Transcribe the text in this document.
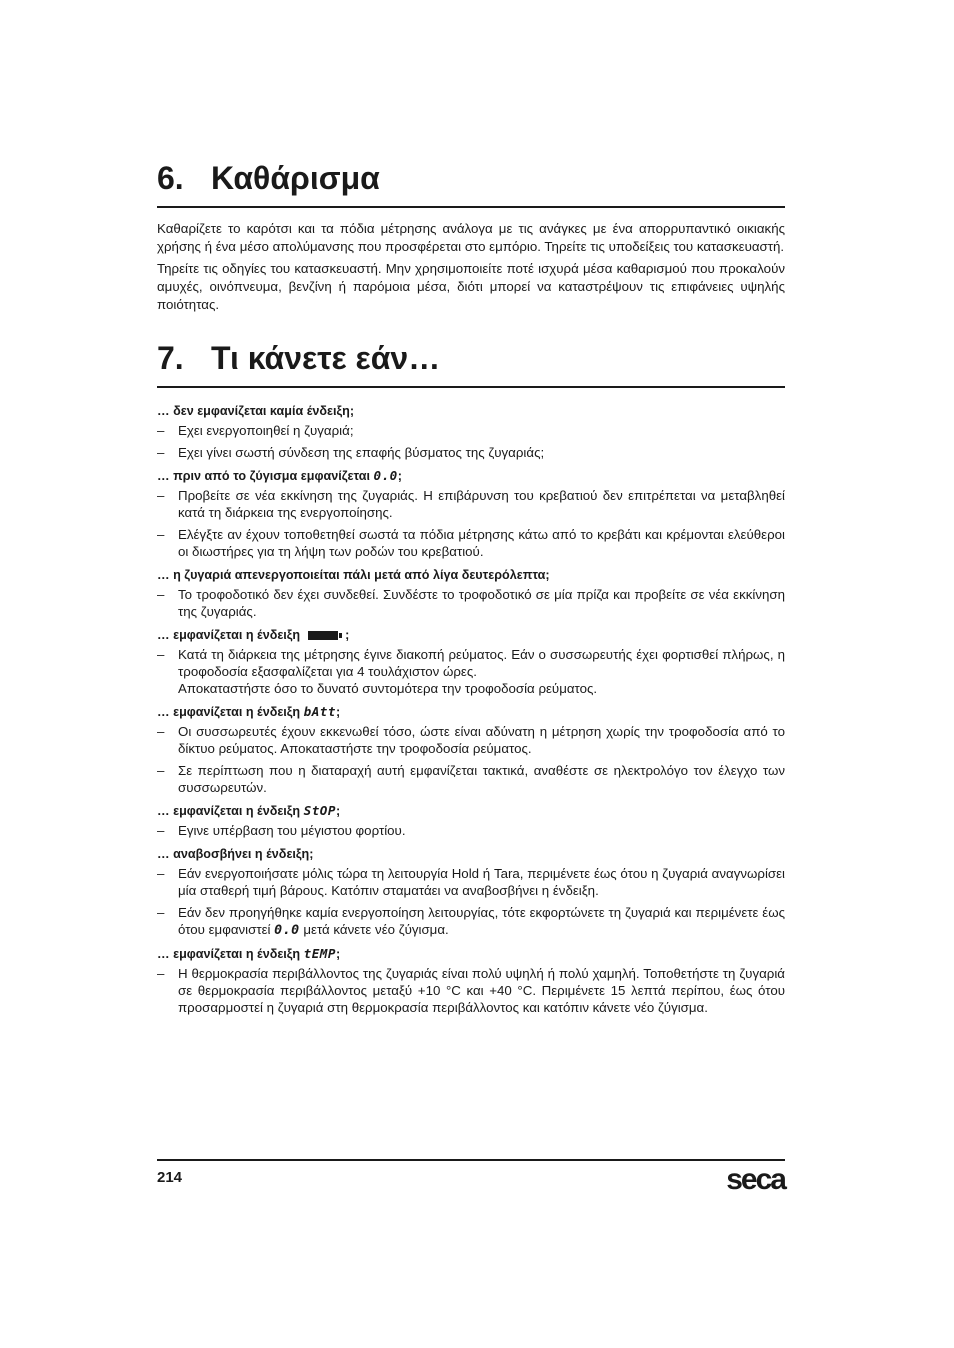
6. Καθάρισμα

Καθαρίζετε το καρότσι και τα πόδια μέτρησης ανάλογα με τις ανάγκες με ένα απορρυπαντικό οικιακής χρήσης ή ένα μέσο απολύμανσης που προσφέρεται στο εμπόριο. Τηρείτε τις υποδείξεις του κατασκευαστή.

Τηρείτε τις οδηγίες του κατασκευαστή. Μην χρησιμοποιείτε ποτέ ισχυρά μέσα καθαρισμού που προκαλούν αμυχές, οινόπνευμα, βενζίνη ή παρόμοια μέσα, διότι μπορεί να καταστρέψουν τις επιφάνειες υψηλής ποιότητας.

7. Τι κάνετε εάν…
… δεν εμφανίζεται καμία ένδειξη;
– Εχει ενεργοποιηθεί η ζυγαριά;
– Εχει γίνει σωστή σύνδεση της επαφής βύσματος της ζυγαριάς;
… πριν από το ζύγισμα εμφανίζεται 0.0;
– Προβείτε σε νέα εκκίνηση της ζυγαριάς. Η επιβάρυνση του κρεβατιού δεν επιτρέπεται να μεταβληθεί κατά τη διάρκεια της ενεργοποίησης.
– Ελέγξτε αν έχουν τοποθετηθεί σωστά τα πόδια μέτρησης κάτω από το κρεβάτι και κρέμονται ελεύθεροι οι διωστήρες για τη λήψη των ροδών του κρεβατιού.
… η ζυγαριά απενεργοποιείται πάλι μετά από λίγα δευτερόλεπτα;
– Το τροφοδοτικό δεν έχει συνδεθεί. Συνδέστε το τροφοδοτικό σε μία πρίζα και προβείτε σε νέα εκκίνηση της ζυγαριάς.
… εμφανίζεται η ένδειξη	;
– Κατά τη διάρκεια της μέτρησης έγινε διακοπή ρεύματος. Εάν ο συσσωρευτής έχει φορτισθεί πλήρως, η τροφοδοσία εξασφαλίζεται για 4 τουλάχιστον ώρες.
Αποκαταστήστε όσο το δυνατό συντομότερα την τροφοδοσία ρεύματος.
… εμφανίζεται η ένδειξη bAtt;
– Οι συσσωρευτές έχουν εκκενωθεί τόσο, ώστε είναι αδύνατη η μέτρηση χωρίς την τροφοδοσία από το δίκτυο ρεύματος. Αποκαταστήστε την τροφοδοσία ρεύματος.
– Σε περίπτωση που η διαταραχή αυτή εμφανίζεται τακτικά, αναθέστε σε ηλεκτρολόγο τον έλεγχο των συσσωρευτών.
… εμφανίζεται η ένδειξη StOP;
– Εγινε υπέρβαση του μέγιστου φορτίου.
… αναβοσβήνει η ένδειξη;
– Εάν ενεργοποιήσατε μόλις τώρα τη λειτουργία Hold ή Tara, περιμένετε έως ότου η ζυγαριά αναγνωρίσει μία σταθερή τιμή βάρους. Κατόπιν σταματάει να αναβοσβήνει η ένδειξη.
– Εάν δεν προηγήθηκε καμία ενεργοποίηση λειτουργίας, τότε εκφορτώνετε τη ζυγαριά και περιμένετε έως ότου εμφανιστεί 0.0 μετά κάνετε νέο ζύγισμα.
… εμφανίζεται η ένδειξη tEMP;
– Η θερμοκρασία περιβάλλοντος της ζυγαριάς είναι πολύ υψηλή ή πολύ χαμηλή. Τοποθετήστε τη ζυγαριά σε θερμοκρασία περιβάλλοντος μεταξύ +10 °C και +40 °C. Περιμένετε 15 λεπτά περίπου, έως ότου προσαρμοστεί η ζυγαριά στη θερμοκρασία περιβάλλοντος και κατόπιν κάνετε νέο ζύγισμα.
214	seca
